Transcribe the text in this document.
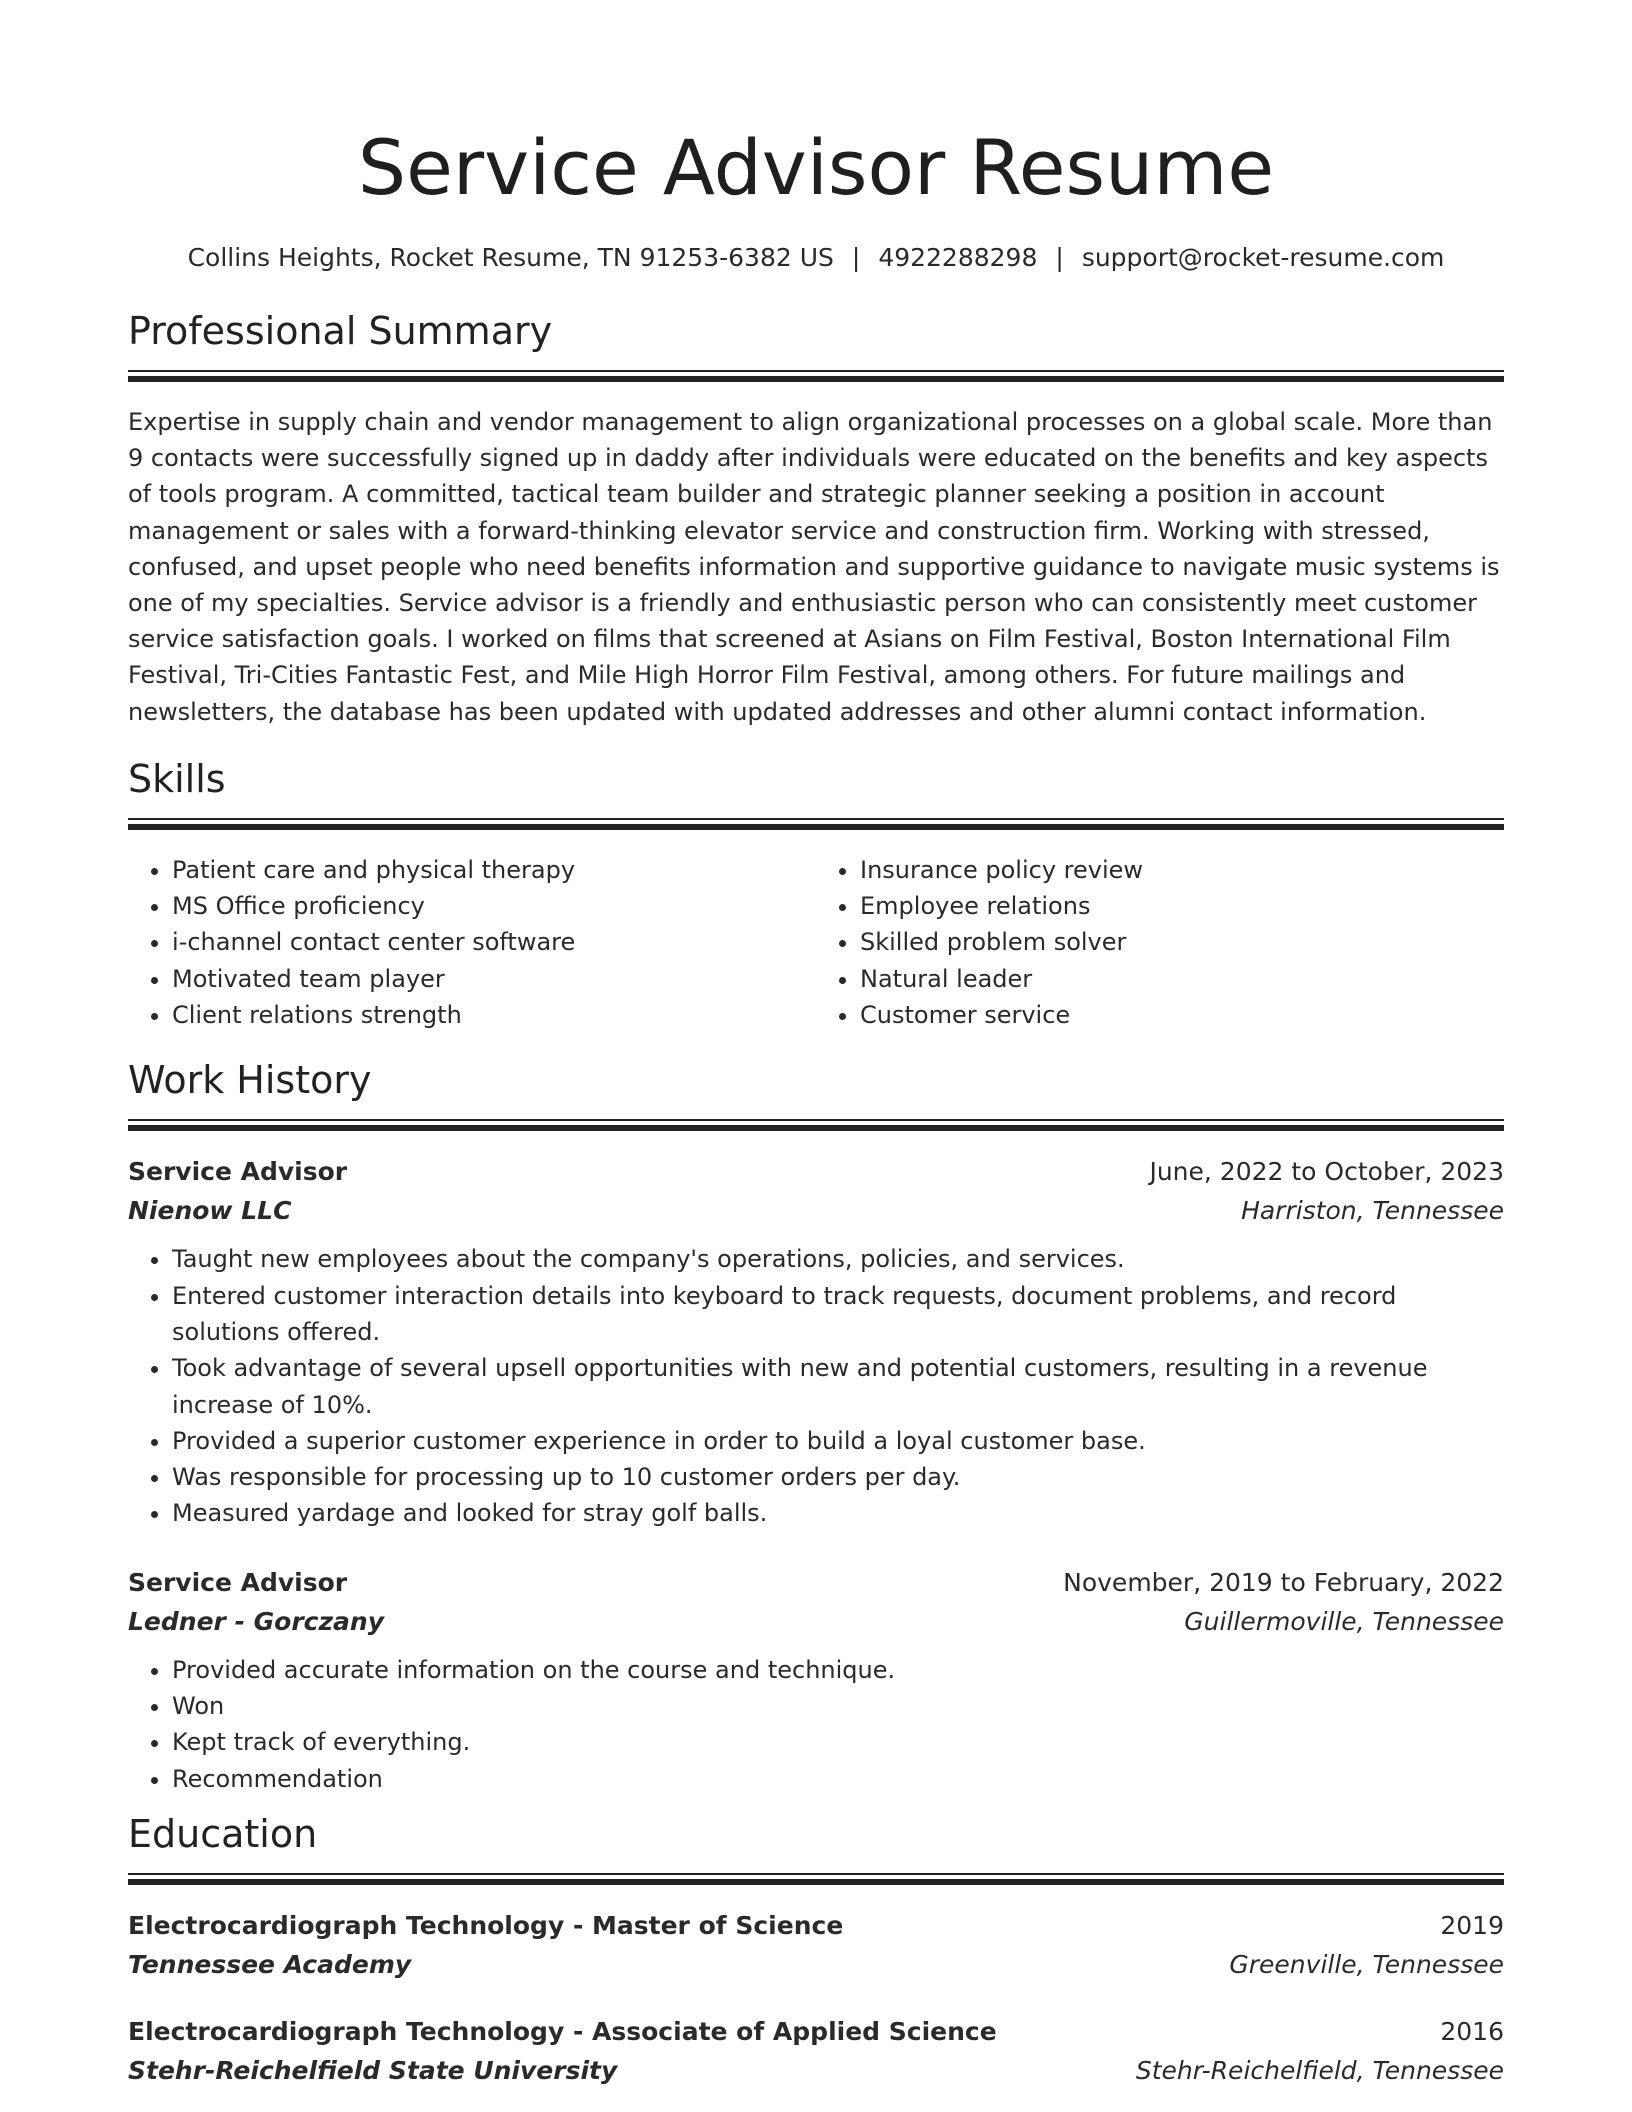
Service Advisor Resume
Collins Heights, Rocket Resume, TN 91253-6382 US | 4922288298 | support@rocket-resume.com
Professional Summary

Expertise in supply chain and vendor management to align organizational processes on a global scale. More than 9 contacts were successfully signed up in daddy after individuals were educated on the benefits and key aspects of tools program. A committed, tactical team builder and strategic planner seeking a position in account management or sales with a forward-thinking elevator service and construction firm. Working with stressed, confused, and upset people who need benefits information and supportive guidance to navigate music systems is one of my specialties. Service advisor is a friendly and enthusiastic person who can consistently meet customer service satisfaction goals. I worked on films that screened at Asians on Film Festival, Boston International Film Festival, Tri-Cities Fantastic Fest, and Mile High Horror Film Festival, among others. For future mailings and newsletters, the database has been updated with updated addresses and other alumni contact information.

Skills
• Patient care and physical therapy
• MS Office proficiency
• i-channel contact center software
• Motivated team player
• Client relations strength
• Insurance policy review
• Employee relations
• Skilled problem solver
• Natural leader
• Customer service
Work History
Service Advisor	June, 2022 to October, 2023
Nienow LLC	Harriston, Tennessee
• Taught new employees about the company's operations, policies, and services.
• Entered customer interaction details into keyboard to track requests, document problems, and record solutions offered.
• Took advantage of several upsell opportunities with new and potential customers, resulting in a revenue increase of 10%.
• Provided a superior customer experience in order to build a loyal customer base.
• Was responsible for processing up to 10 customer orders per day.
• Measured yardage and looked for stray golf balls.
Service Advisor	November, 2019 to February, 2022
Ledner - Gorczany	Guillermoville, Tennessee
• Provided accurate information on the course and technique.
• Won
• Kept track of everything.
• Recommendation
Education
Electrocardiograph Technology - Master of Science	2019
Tennessee Academy	Greenville, Tennessee
Electrocardiograph Technology - Associate of Applied Science	2016
Stehr-Reichelfield State University	Stehr-Reichelfield, Tennessee
